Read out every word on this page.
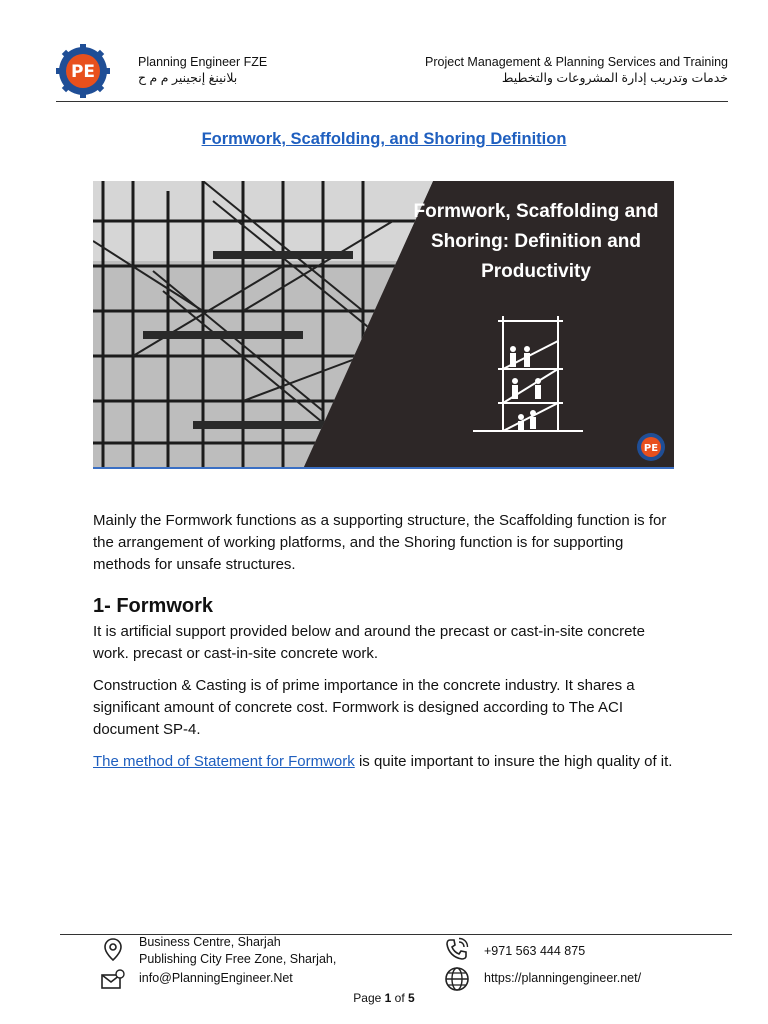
PE	Planning Engineer FZE
بلانينغ إنجينير م م ح
Project Management & Planning Services and Training
خدمات وتدريب إدارة المشروعات والتخطيط
Formwork, Scaffolding, and Shoring Definition
PE
Formwork, Scaffolding and Shoring: Definition and Productivity
Mainly the Formwork functions as a supporting structure, the Scaffolding function is for the arrangement of working platforms, and the Shoring function is for supporting methods for unsafe structures.
1- Formwork
It is artificial support provided below and around the precast or cast-in-site concrete work. precast or cast-in-site concrete work.
Construction & Casting is of prime importance in the concrete industry. It shares a significant amount of concrete cost. Formwork is designed according to The ACI document SP-4.
The method of Statement for Formwork is quite important to insure the high quality of it.
Business Centre, Sharjah
Publishing City Free Zone, Sharjah,
info@PlanningEngineer.Net
+971 563 444 875
https://planningengineer.net/
Page 1 of 5
